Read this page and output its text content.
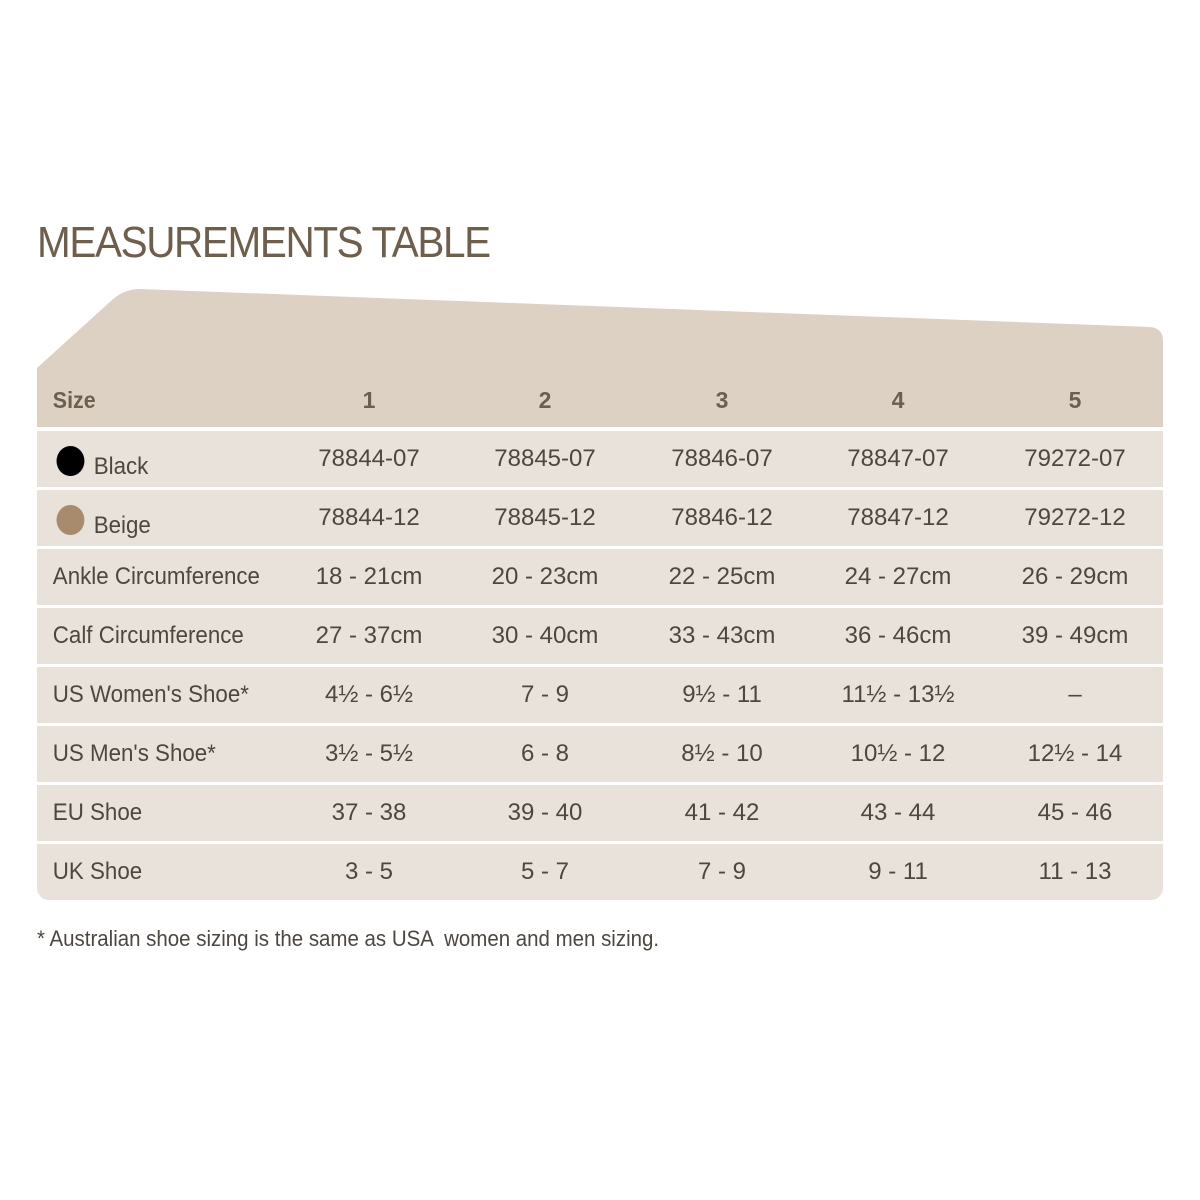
MEASUREMENTS TABLE
Size	1	2	3	4	5
Black	78844-07	78845-07	78846-07	78847-07	79272-07
Beige	78844-12	78845-12	78846-12	78847-12	79272-12
Ankle Circumference	18 - 21cm	20 - 23cm	22 - 25cm	24 - 27cm	26 - 29cm
Calf Circumference	27 - 37cm	30 - 40cm	33 - 43cm	36 - 46cm	39 - 49cm
US Women's Shoe*	4½ - 6½	7 - 9	9½ - 11	11½ - 13½	–
US Men's Shoe*	3½ - 5½	6 - 8	8½ - 10	10½ - 12	12½ - 14
EU Shoe	37 - 38	39 - 40	41 - 42	43 - 44	45 - 46
UK Shoe	3 - 5	5 - 7	7 - 9	9 - 11	11 - 13
* Australian shoe sizing is the same as USA  women and men sizing.
